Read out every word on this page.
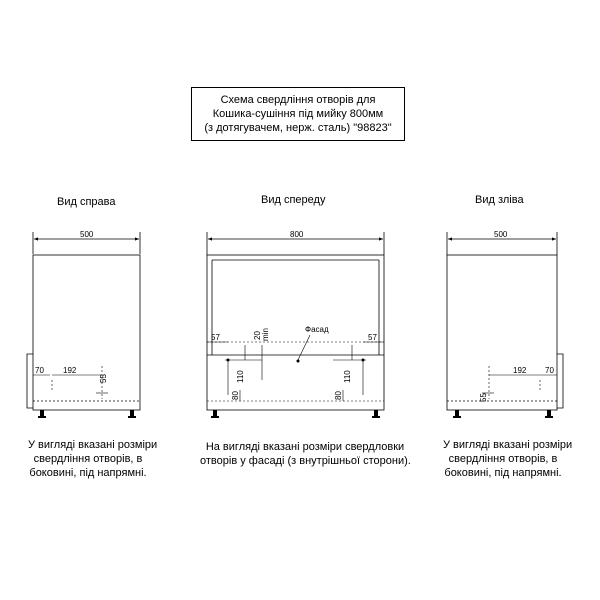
Схема свердління отворів для
Кошика-сушіння під мийку 800мм
(з дотягувачем, нерж. сталь) "98823"
Вид справа	Вид спереду	Вид зліва
500
70 192
55
800
57	57
20 min
110	110
80	80
Фасад
500
192 70
55
У вигляді вказані розміри
свердління отворів, в
боковині, під напрямні.
На вигляді вказані розміри свердловки
отворів у фасаді (з внутрішньої сторони).
У вигляді вказані розміри
свердління отворів, в
боковині, під напрямні.
